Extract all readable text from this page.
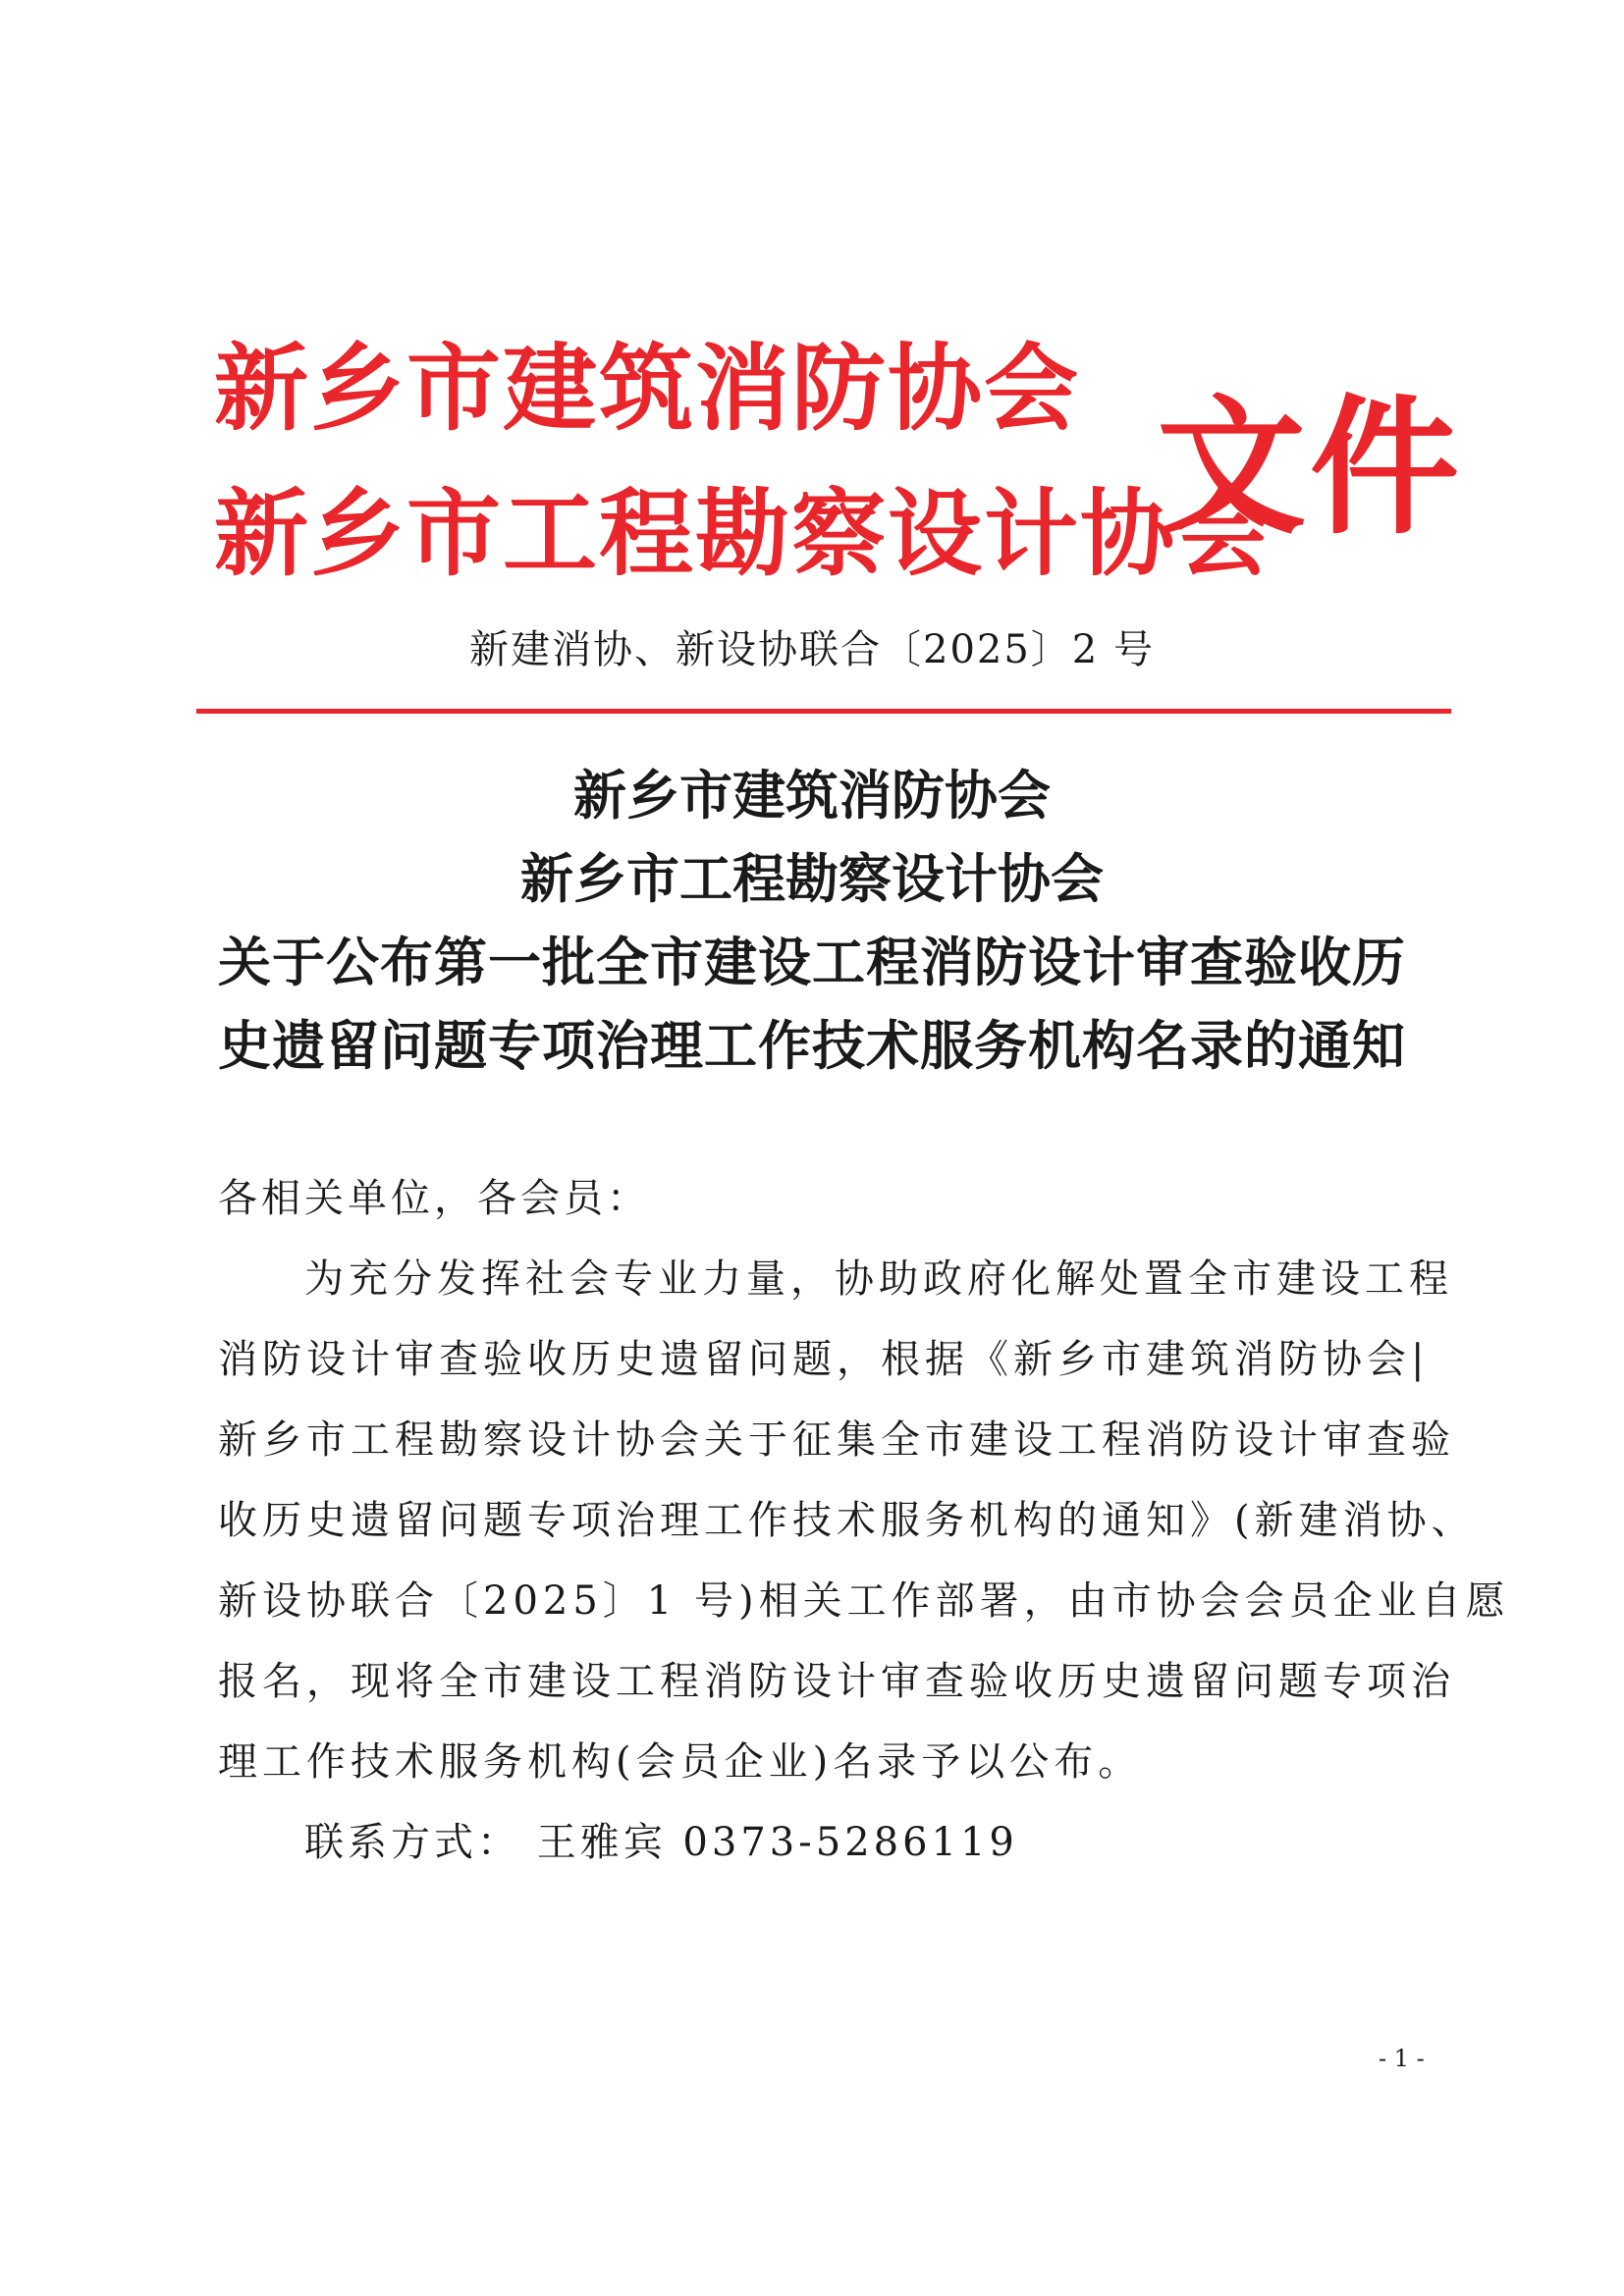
新乡市建筑消防协会
新乡市工程勘察设计协会
文件
新建消协、新设协联合〔2025〕2 号
新乡市建筑消防协会
新乡市工程勘察设计协会
关于公布第一批全市建设工程消防设计审查验收历
史遗留问题专项治理工作技术服务机构名录的通知
各相关单位，各会员：
为充分发挥社会专业力量，协助政府化解处置全市建设工程
消防设计审查验收历史遗留问题，根据《新乡市建筑消防协会|
新乡市工程勘察设计协会关于征集全市建设工程消防设计审查验
收历史遗留问题专项治理工作技术服务机构的通知》(新建消协、
新设协联合〔2025〕1 号)相关工作部署，由市协会会员企业自愿
报名，现将全市建设工程消防设计审查验收历史遗留问题专项治
理工作技术服务机构(会员企业)名录予以公布。
联系方式： 王雅宾 0373-5286119
- 1 -
